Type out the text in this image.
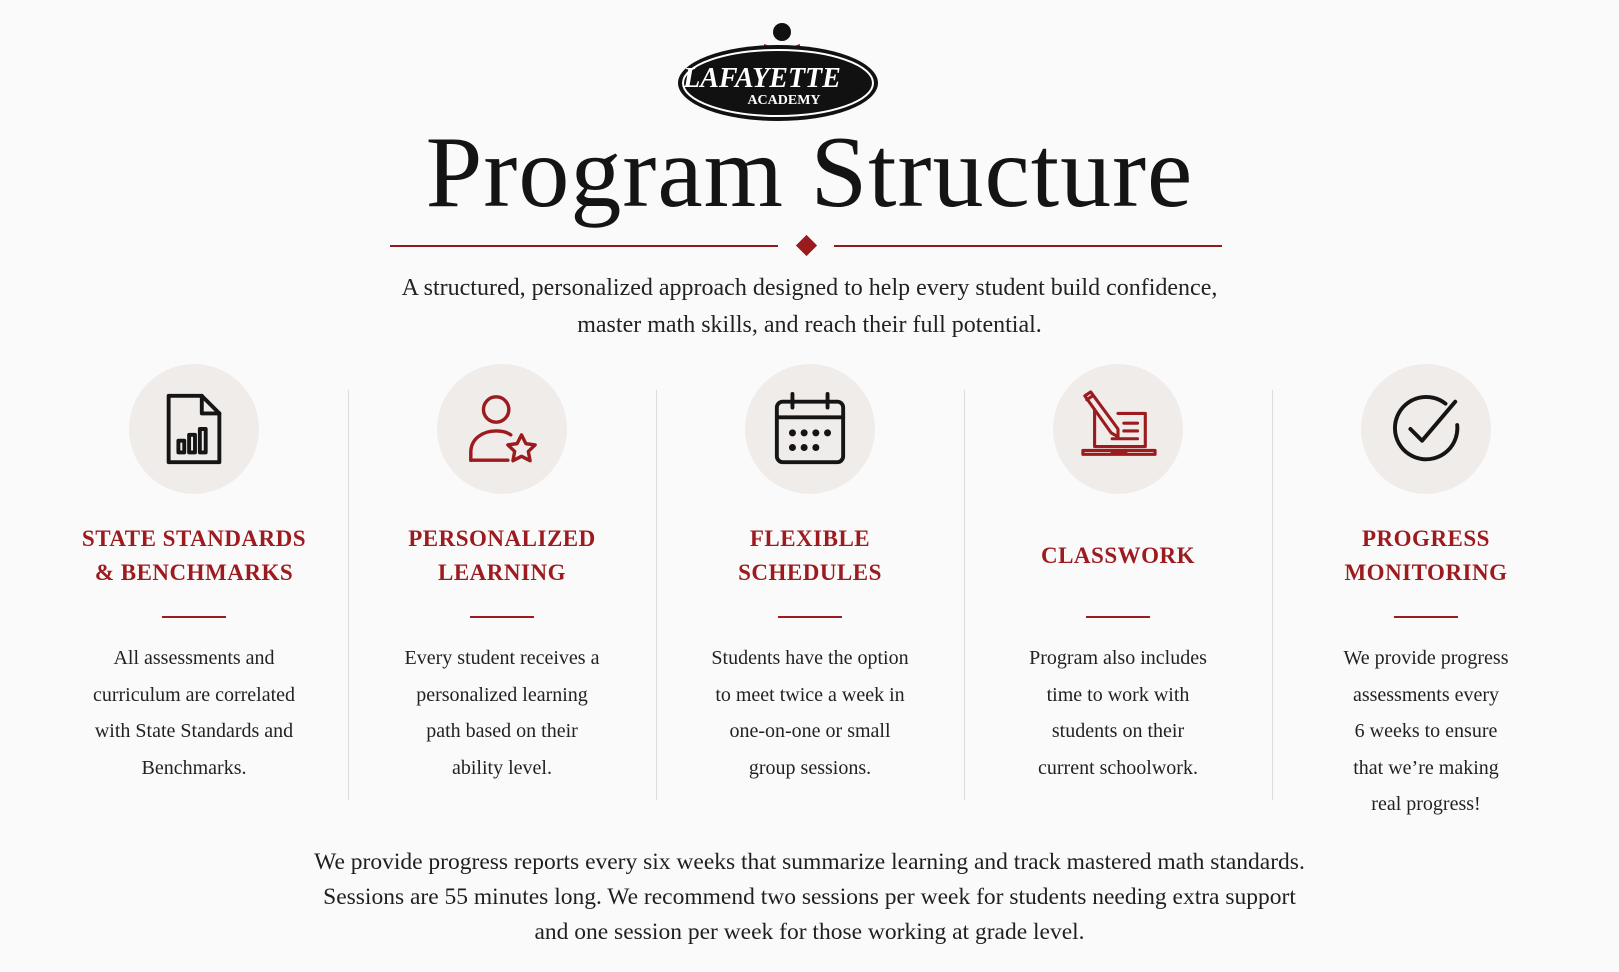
LAFAYETTE
ACADEMY
Program Structure
A structured, personalized approach designed to help every student build confidence,
master math skills, and reach their full potential.
STATE STANDARDS
& BENCHMARKS
All assessments and
curriculum are correlated
with State Standards and
Benchmarks.
PERSONALIZED
LEARNING
Every student receives a
personalized learning
path based on their
ability level.
FLEXIBLE
SCHEDULES
Students have the option
to meet twice a week in
one-on-one or small
group sessions.
CLASSWORK
Program also includes
time to work with
students on their
current schoolwork.
PROGRESS
MONITORING
We provide progress
assessments every
6 weeks to ensure
that we’re making
real progress!
We provide progress reports every six weeks that summarize learning and track mastered math standards.
Sessions are 55 minutes long. We recommend two sessions per week for students needing extra support
and one session per week for those working at grade level.
